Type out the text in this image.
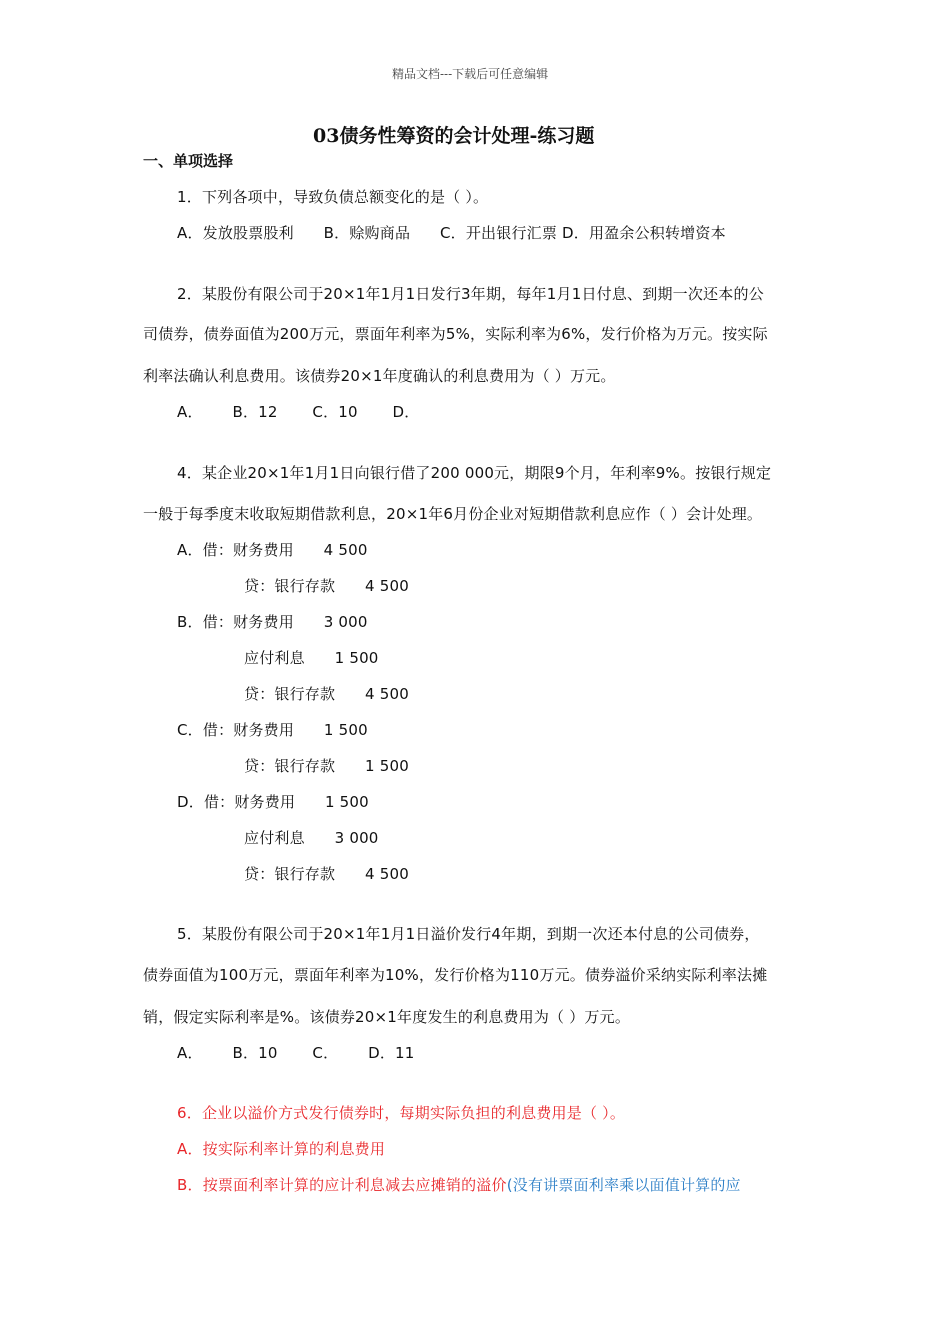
精品文档---下载后可任意编辑
03债务性筹资的会计处理-练习题
一、单项选择
1．下列各项中，导致负债总额变化的是（ ）。
A．发放股票股利      B．赊购商品      C．开出银行汇票 D．用盈余公积转增资本
2．某股份有限公司于20×1年1月1日发行3年期，每年1月1日付息、到期一次还本的公
司债券，债券面值为200万元，票面年利率为5%，实际利率为6%，发行价格为万元。按实际
利率法确认利息费用。该债券20×1年度确认的利息费用为（ ）万元。
A．      B．12       C．10       D．
4．某企业20×1年1月1日向银行借了200 000元，期限9个月，年利率9%。按银行规定
一般于每季度末收取短期借款利息，20×1年6月份企业对短期借款利息应作（ ）会计处理。
A．借：财务费用      4 500
贷：银行存款      4 500
B．借：财务费用      3 000
应付利息      1 500
贷：银行存款      4 500
C．借：财务费用      1 500
贷：银行存款      1 500
D．借：财务费用      1 500
应付利息      3 000
贷：银行存款      4 500
5．某股份有限公司于20×1年1月1日溢价发行4年期，到期一次还本付息的公司债券，
债券面值为100万元，票面年利率为10%，发行价格为110万元。债券溢价采纳实际利率法摊
销，假定实际利率是%。该债券20×1年度发生的利息费用为（ ）万元。
A．      B．10       C．      D．11
6．企业以溢价方式发行债券时，每期实际负担的利息费用是（ ）。
A．按实际利率计算的利息费用
B．按票面利率计算的应计利息减去应摊销的溢价(没有讲票面利率乘以面值计算的应
